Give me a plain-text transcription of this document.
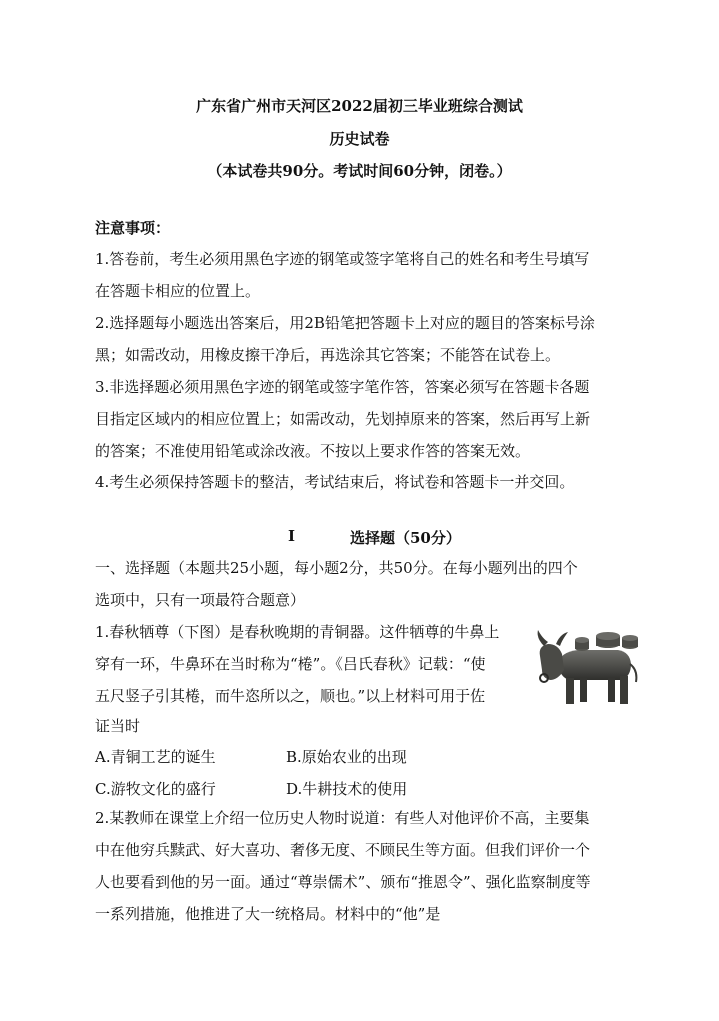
广东省广州市天河区2022届初三毕业班综合测试
历史试卷
（本试卷共90分。考试时间60分钟，闭卷。）
注意事项：
1.答卷前，考生必须用黑色字迹的钢笔或签字笔将自己的姓名和考生号填写
在答题卡相应的位置上。
2.选择题每小题选出答案后，用2B铅笔把答题卡上对应的题目的答案标号涂
黑；如需改动，用橡皮擦干净后，再选涂其它答案；不能答在试卷上。
3.非选择题必须用黑色字迹的钢笔或签字笔作答，答案必须写在答题卡各题
目指定区域内的相应位置上；如需改动，先划掉原来的答案，然后再写上新
的答案；不准使用铅笔或涂改液。不按以上要求作答的答案无效。
4.考生必须保持答题卡的整洁，考试结束后，将试卷和答题卡一并交回。
I	选择题（50分）
一、选择题（本题共25小题，每小题2分，共50分。在每小题列出的四个
选项中，只有一项最符合题意）
1.春秋牺尊（下图）是春秋晚期的青铜器。这件牺尊的牛鼻上
穿有一环，牛鼻环在当时称为“棬”。《吕氏春秋》记载：“使
五尺竖子引其棬，而牛恣所以之，顺也。”以上材料可用于佐
证当时
A.青铜工艺的诞生	B.原始农业的出现
C.游牧文化的盛行	D.牛耕技术的使用
2.某教师在课堂上介绍一位历史人物时说道：有些人对他评价不高，主要集
中在他穷兵黩武、好大喜功、奢侈无度、不顾民生等方面。但我们评价一个
人也要看到他的另一面。通过“尊崇儒术”、颁布“推恩令”、强化监察制度等
一系列措施，他推进了大一统格局。材料中的“他”是
